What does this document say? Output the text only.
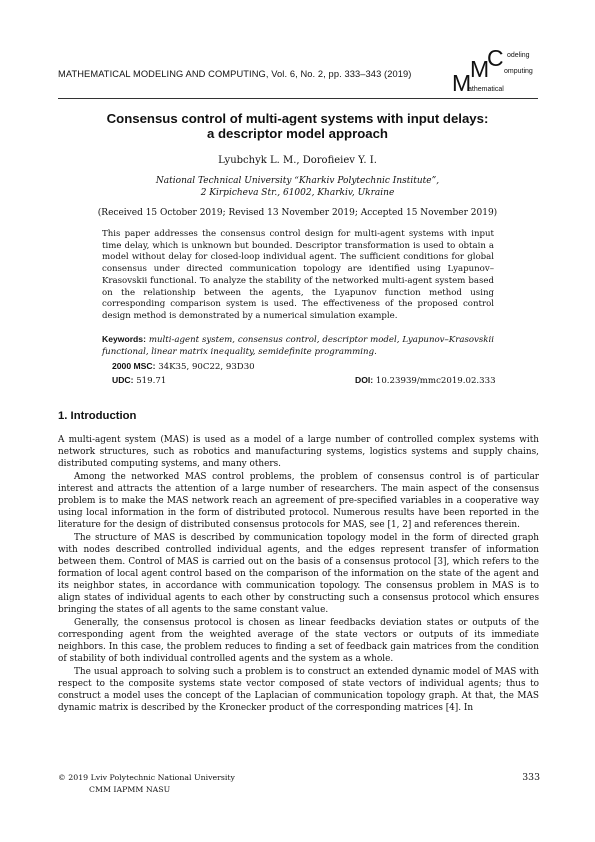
MATHEMATICAL MODELING AND COMPUTING, Vol. 6, No. 2, pp. 333–343 (2019) M
M
C odeling
omputing
athematical
Consensus control of multi-agent systems with input delays:
a descriptor model approach
Lyubchyk L. M., Dorofieiev Y. I.
National Technical University “Kharkiv Polytechnic Institute”,
2 Kirpicheva Str., 61002, Kharkiv, Ukraine
(Received 15 October 2019; Revised 13 November 2019; Accepted 15 November 2019)

This paper addresses the consensus control design for multi-agent systems with input time delay, which is unknown but bounded. Descriptor transformation is used to obtain a model without delay for closed-loop individual agent. The sufficient conditions for global consensus under directed communication topology are identified using Lyapunov–Krasovskii functional. To analyze the stability of the networked multi-agent system based on the relationship between the agents, the Lyapunov function method using corresponding comparison system is used. The effectiveness of the proposed control design method is demonstrated by a numerical simulation example.

Keywords: multi-agent system, consensus control, descriptor model, Lyapunov–Krasovskii functional, linear matrix inequality, semidefinite programming.

2000 MSC: 34K35, 90C22, 93D30
UDC: 519.71	DOI: 10.23939/mmc2019.02.333
1. Introduction

A multi-agent system (MAS) is used as a model of a large number of controlled complex systems with network structures, such as robotics and manufacturing systems, logistics systems and supply chains, distributed computing systems, and many others.

Among the networked MAS control problems, the problem of consensus control is of particular interest and attracts the attention of a large number of researchers. The main aspect of the consensus problem is to make the MAS network reach an agreement of pre-specified variables in a cooperative way using local information in the form of distributed protocol. Numerous results have been reported in the literature for the design of distributed consensus protocols for MAS, see [1, 2] and references therein.

The structure of MAS is described by communication topology model in the form of directed graph with nodes described controlled individual agents, and the edges represent transfer of information between them. Control of MAS is carried out on the basis of a consensus protocol [3], which refers to the formation of local agent control based on the comparison of the information on the state of the agent and its neighbor states, in accordance with communication topology. The consensus problem in MAS is to align states of individual agents to each other by constructing such a consensus protocol which ensures bringing the states of all agents to the same constant value.

Generally, the consensus protocol is chosen as linear feedbacks deviation states or outputs of the corresponding agent from the weighted average of the state vectors or outputs of its immediate neighbors. In this case, the problem reduces to finding a set of feedback gain matrices from the condition of stability of both individual controlled agents and the system as a whole.

The usual approach to solving such a problem is to construct an extended dynamic model of MAS with respect to the composite systems state vector composed of state vectors of individual agents; thus to construct a model uses the concept of the Laplacian of communication topology graph. At that, the MAS dynamic matrix is described by the Kronecker product of the corresponding matrices [4]. In

© 2019 Lviv Polytechnic National University
CMM IAPMM NASU
333
